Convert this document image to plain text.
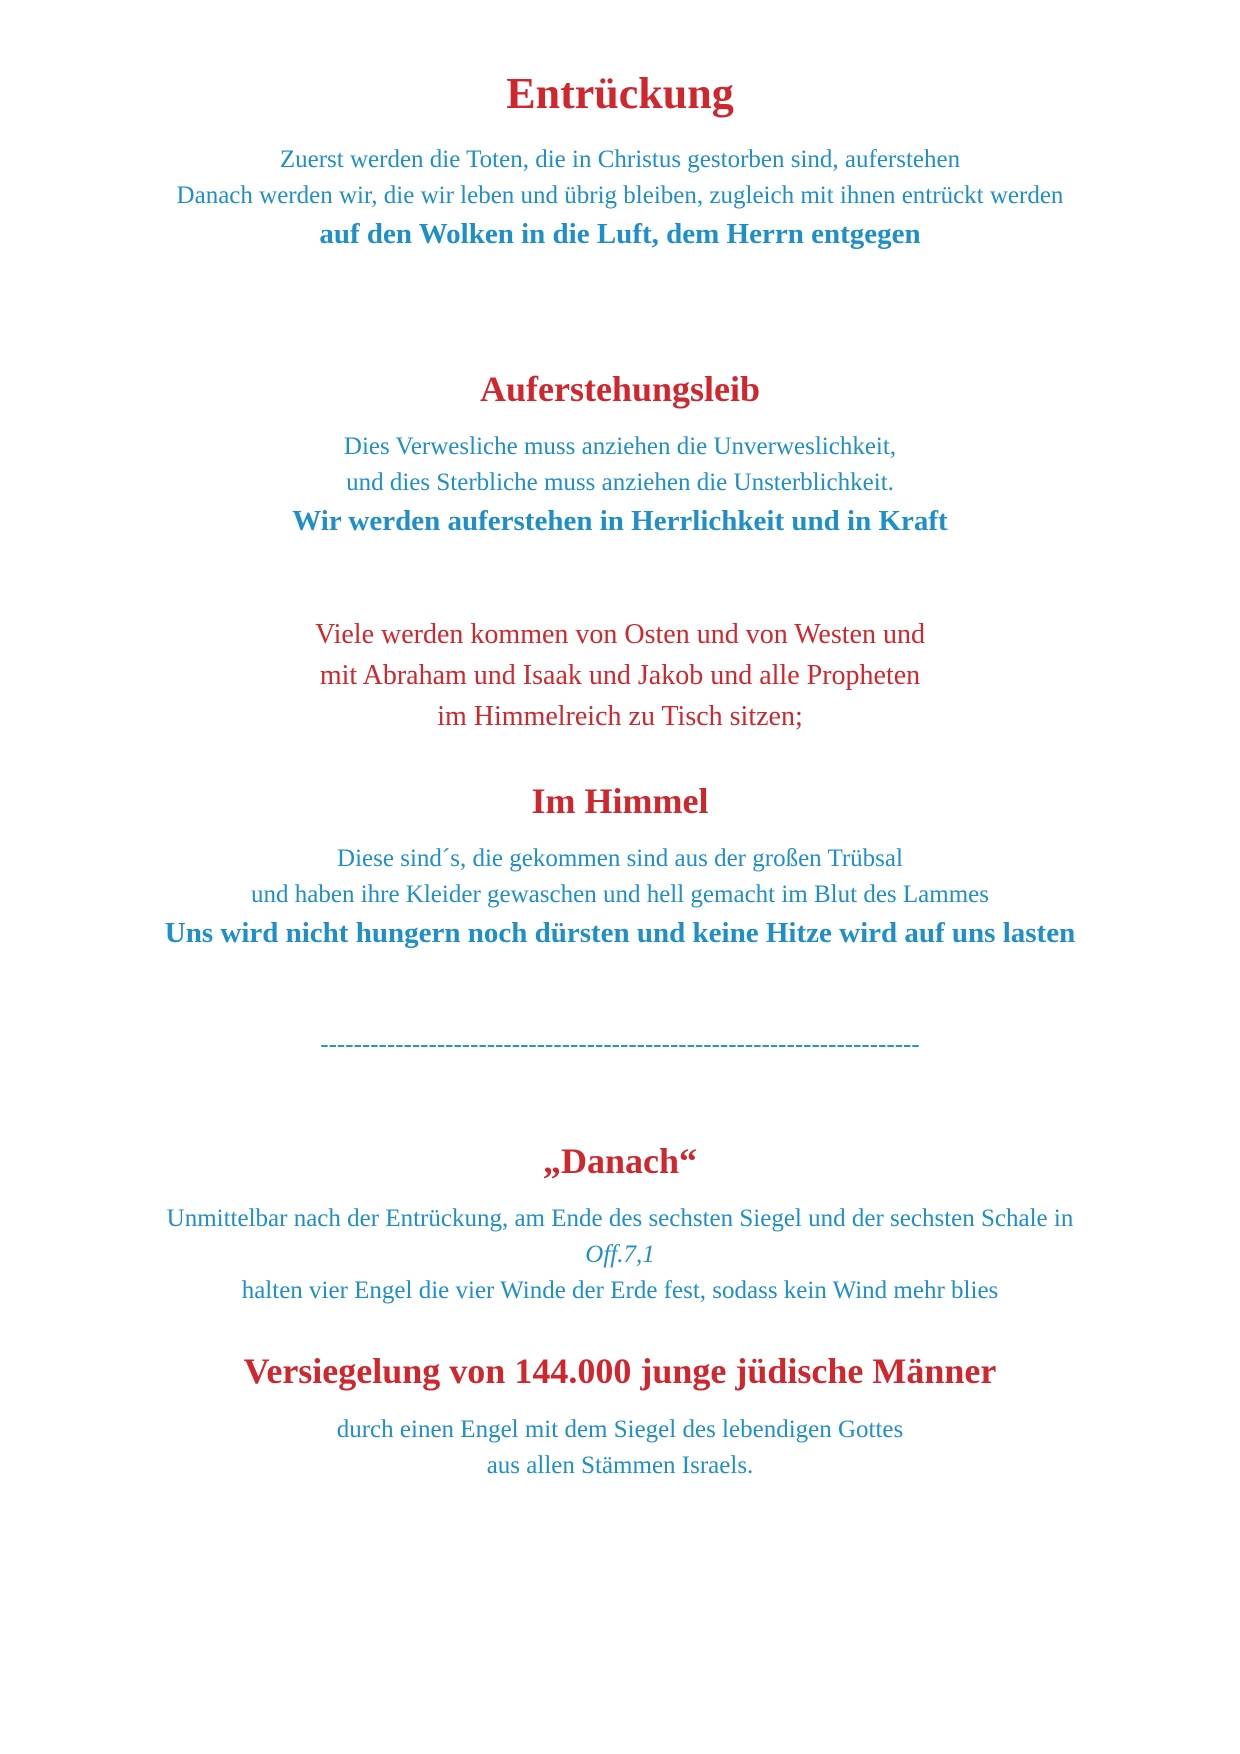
Entrückung
Zuerst werden die Toten, die in Christus gestorben sind, auferstehen
Danach werden wir, die wir leben und übrig bleiben, zugleich mit ihnen entrückt werden
auf den Wolken in die Luft, dem Herrn entgegen
Auferstehungsleib
Dies Verwesliche muss anziehen die Unverweslichkeit,
und dies Sterbliche muss anziehen die Unsterblichkeit.
Wir werden auferstehen in Herrlichkeit und in Kraft
Viele werden kommen von Osten und von Westen und
mit Abraham und Isaak und Jakob und alle Propheten
im Himmelreich zu Tisch sitzen;
Im Himmel
Diese sind´s, die gekommen sind aus der großen Trübsal
und haben ihre Kleider gewaschen und hell gemacht im Blut des Lammes
Uns wird nicht hungern noch dürsten und keine Hitze wird auf uns lasten
------------------------------------------------------------------------
„Danach“
Unmittelbar nach der Entrückung, am Ende des sechsten Siegel und der sechsten Schale in
Off.7,1
halten vier Engel die vier Winde der Erde fest, sodass kein Wind mehr blies
Versiegelung von 144.000 junge jüdische Männer
durch einen Engel mit dem Siegel des lebendigen Gottes
aus allen Stämmen Israels.
